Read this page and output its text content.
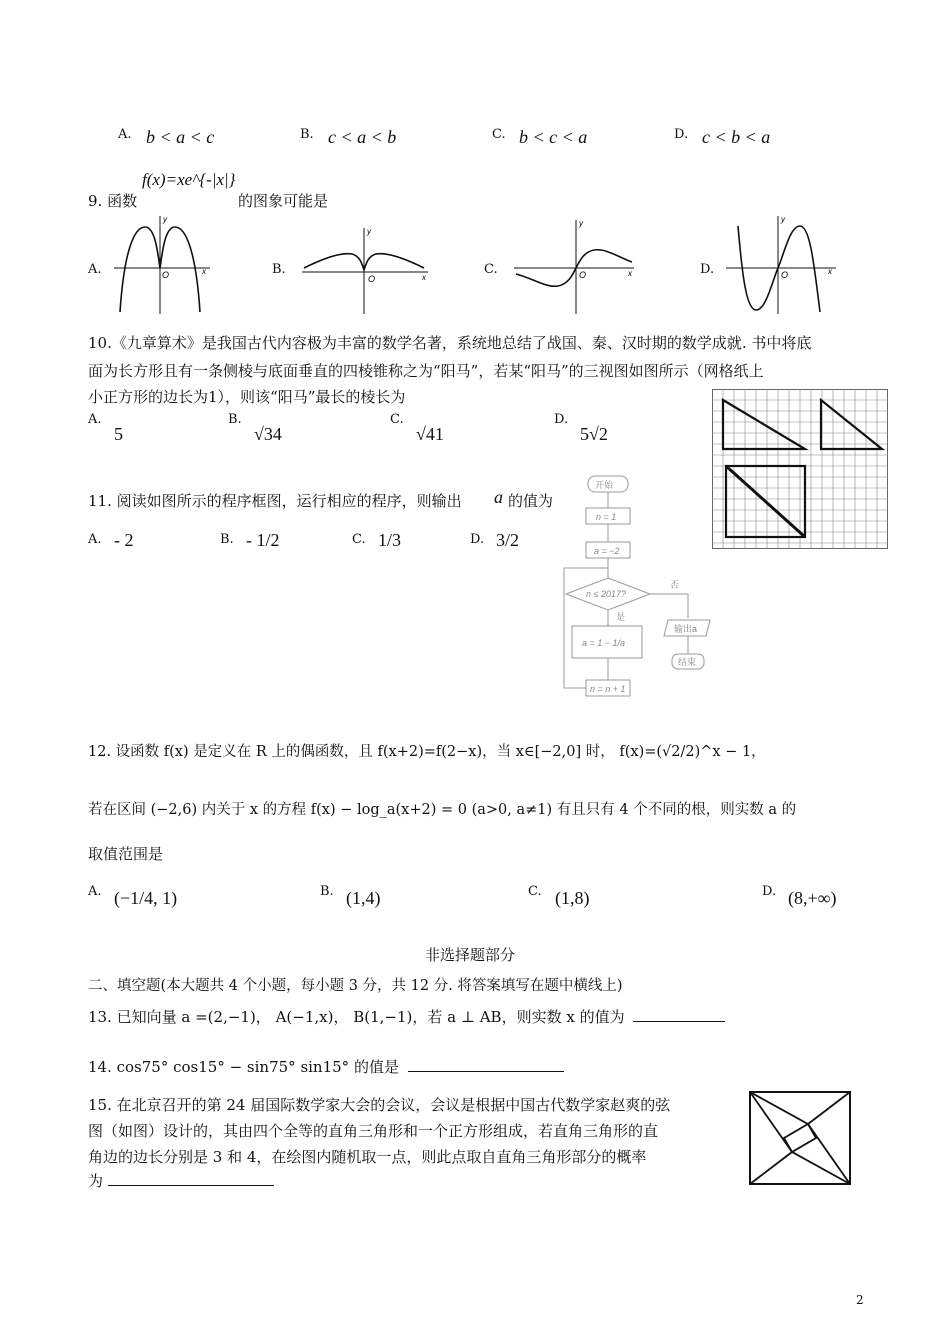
A. b < a < c	B. c < a < b	C. b < c < a	D. c < b < a
9. 函数
f(x)=xe^{-|x|}
的图象可能是
A.	B.	C.	D.
O
y
x
O
y
x	O
y
x	O
y
x
10.《九章算术》是我国古代内容极为丰富的数学名著，系统地总结了战国、秦、汉时期的数学成就. 书中将底
面为长方形且有一条侧棱与底面垂直的四棱锥称之为“阳马”，若某“阳马”的三视图如图所示（网格纸上
小正方形的边长为1），则该“阳马”最长的棱长为
A.
5
B.
√34
C.
√41
D.
5√2
11. 阅读如图所示的程序框图，运行相应的程序，则输出 a 的值为
A. - 2	B. - 1/2	C. 1/3	D. 3/2
开始
n = 1
a = −2
n ≤ 2017?
是
否
a = 1 − 1/a
n = n + 1
输出a
结束
12. 设函数 f(x) 是定义在 R 上的偶函数，且 f(x+2)=f(2−x)，当 x∈[−2,0] 时， f(x)=(√2/2)^x − 1，
若在区间 (−2,6) 内关于 x 的方程 f(x) − log_a(x+2) = 0 (a>0, a≠1) 有且只有 4 个不同的根，则实数 a 的
取值范围是
A. (−1/4, 1)	B. (1,4)	C. (1,8)	D. (8,+∞)
非选择题部分
二、填空题(本大题共 4 个小题，每小题 3 分，共 12 分. 将答案填写在题中横线上)
13. 已知向量 a =(2,−1)， A(−1,x)， B(1,−1)，若 a ⊥ AB，则实数 x 的值为
14. cos75° cos15° − sin75° sin15° 的值是
15. 在北京召开的第 24 届国际数学家大会的会议，会议是根据中国古代数学家赵爽的弦
图（如图）设计的，其由四个全等的直角三角形和一个正方形组成，若直角三角形的直
角边的边长分别是 3 和 4，在绘图内随机取一点，则此点取自直角三角形部分的概率
为
2
